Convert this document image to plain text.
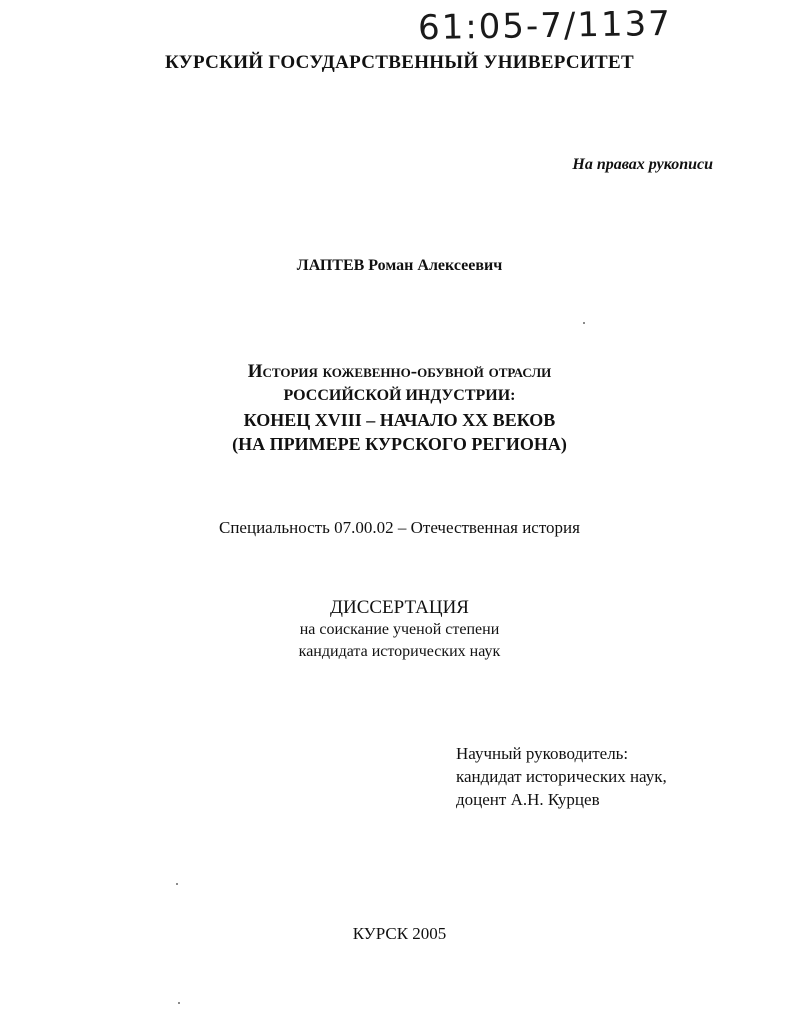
61:05-7/1137
КУРСКИЙ ГОСУДАРСТВЕННЫЙ УНИВЕРСИТЕТ
На правах рукописи
ЛАПТЕВ Роман Алексеевич
История кожевенно-обувной отрасли
РОССИЙСКОЙ ИНДУСТРИИ:
КОНЕЦ XVIII – НАЧАЛО XX ВЕКОВ
(НА ПРИМЕРЕ КУРСКОГО РЕГИОНА)
Специальность 07.00.02 – Отечественная история
ДИССЕРТАЦИЯ
на соискание ученой степени
кандидата исторических наук
Научный руководитель:
кандидат исторических наук,
доцент А.Н. Курцев
КУРСК 2005
